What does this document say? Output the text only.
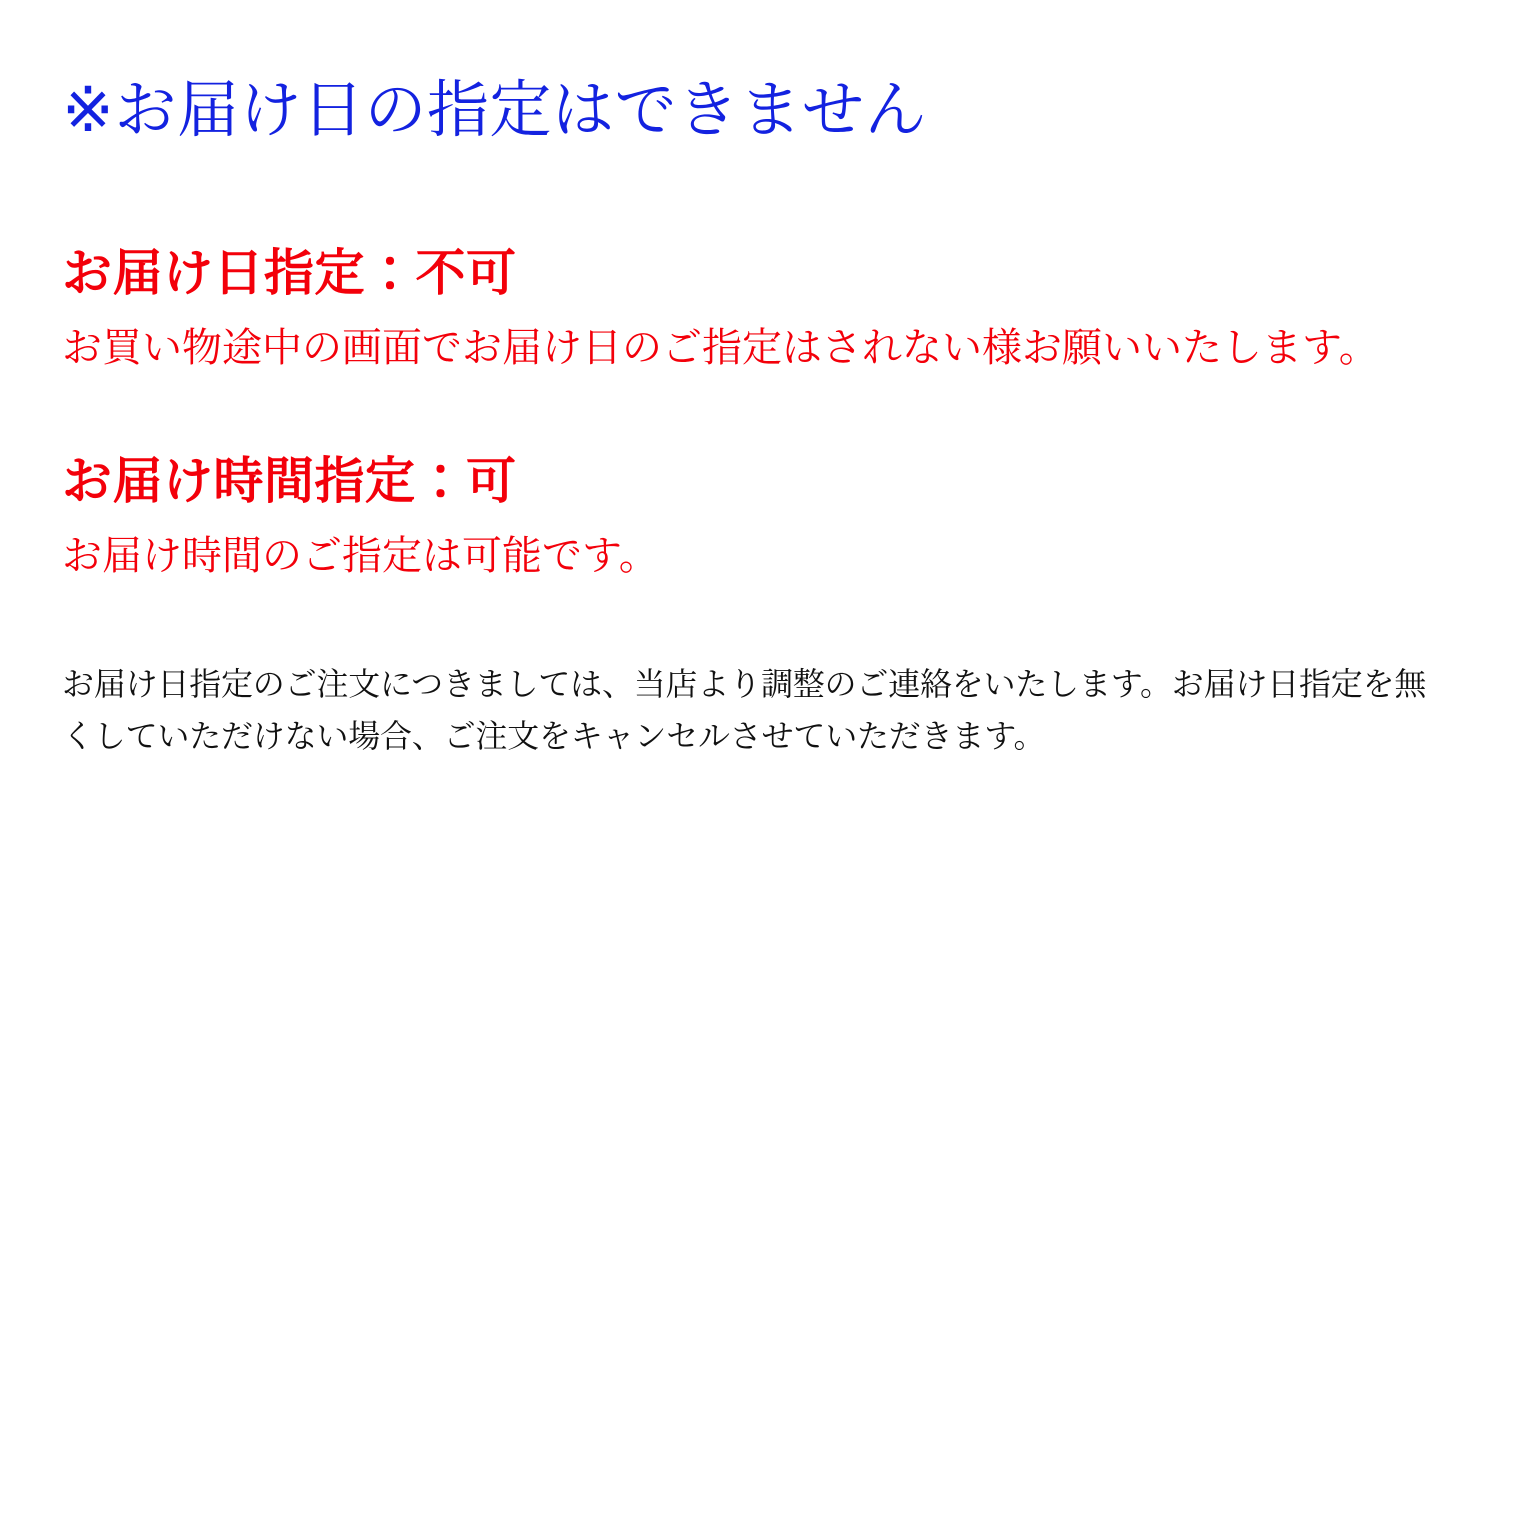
※お届け日の指定はできません
お届け日指定：不可

お買い物途中の画面でお届け日のご指定はされない様お願いいたします。

お届け時間指定：可

お届け時間のご指定は可能です。

お届け日指定のご注文につきましては、当店より調整のご連絡をいたします。お届け日指定を無くしていただけない場合、ご注文をキャンセルさせていただきます。
